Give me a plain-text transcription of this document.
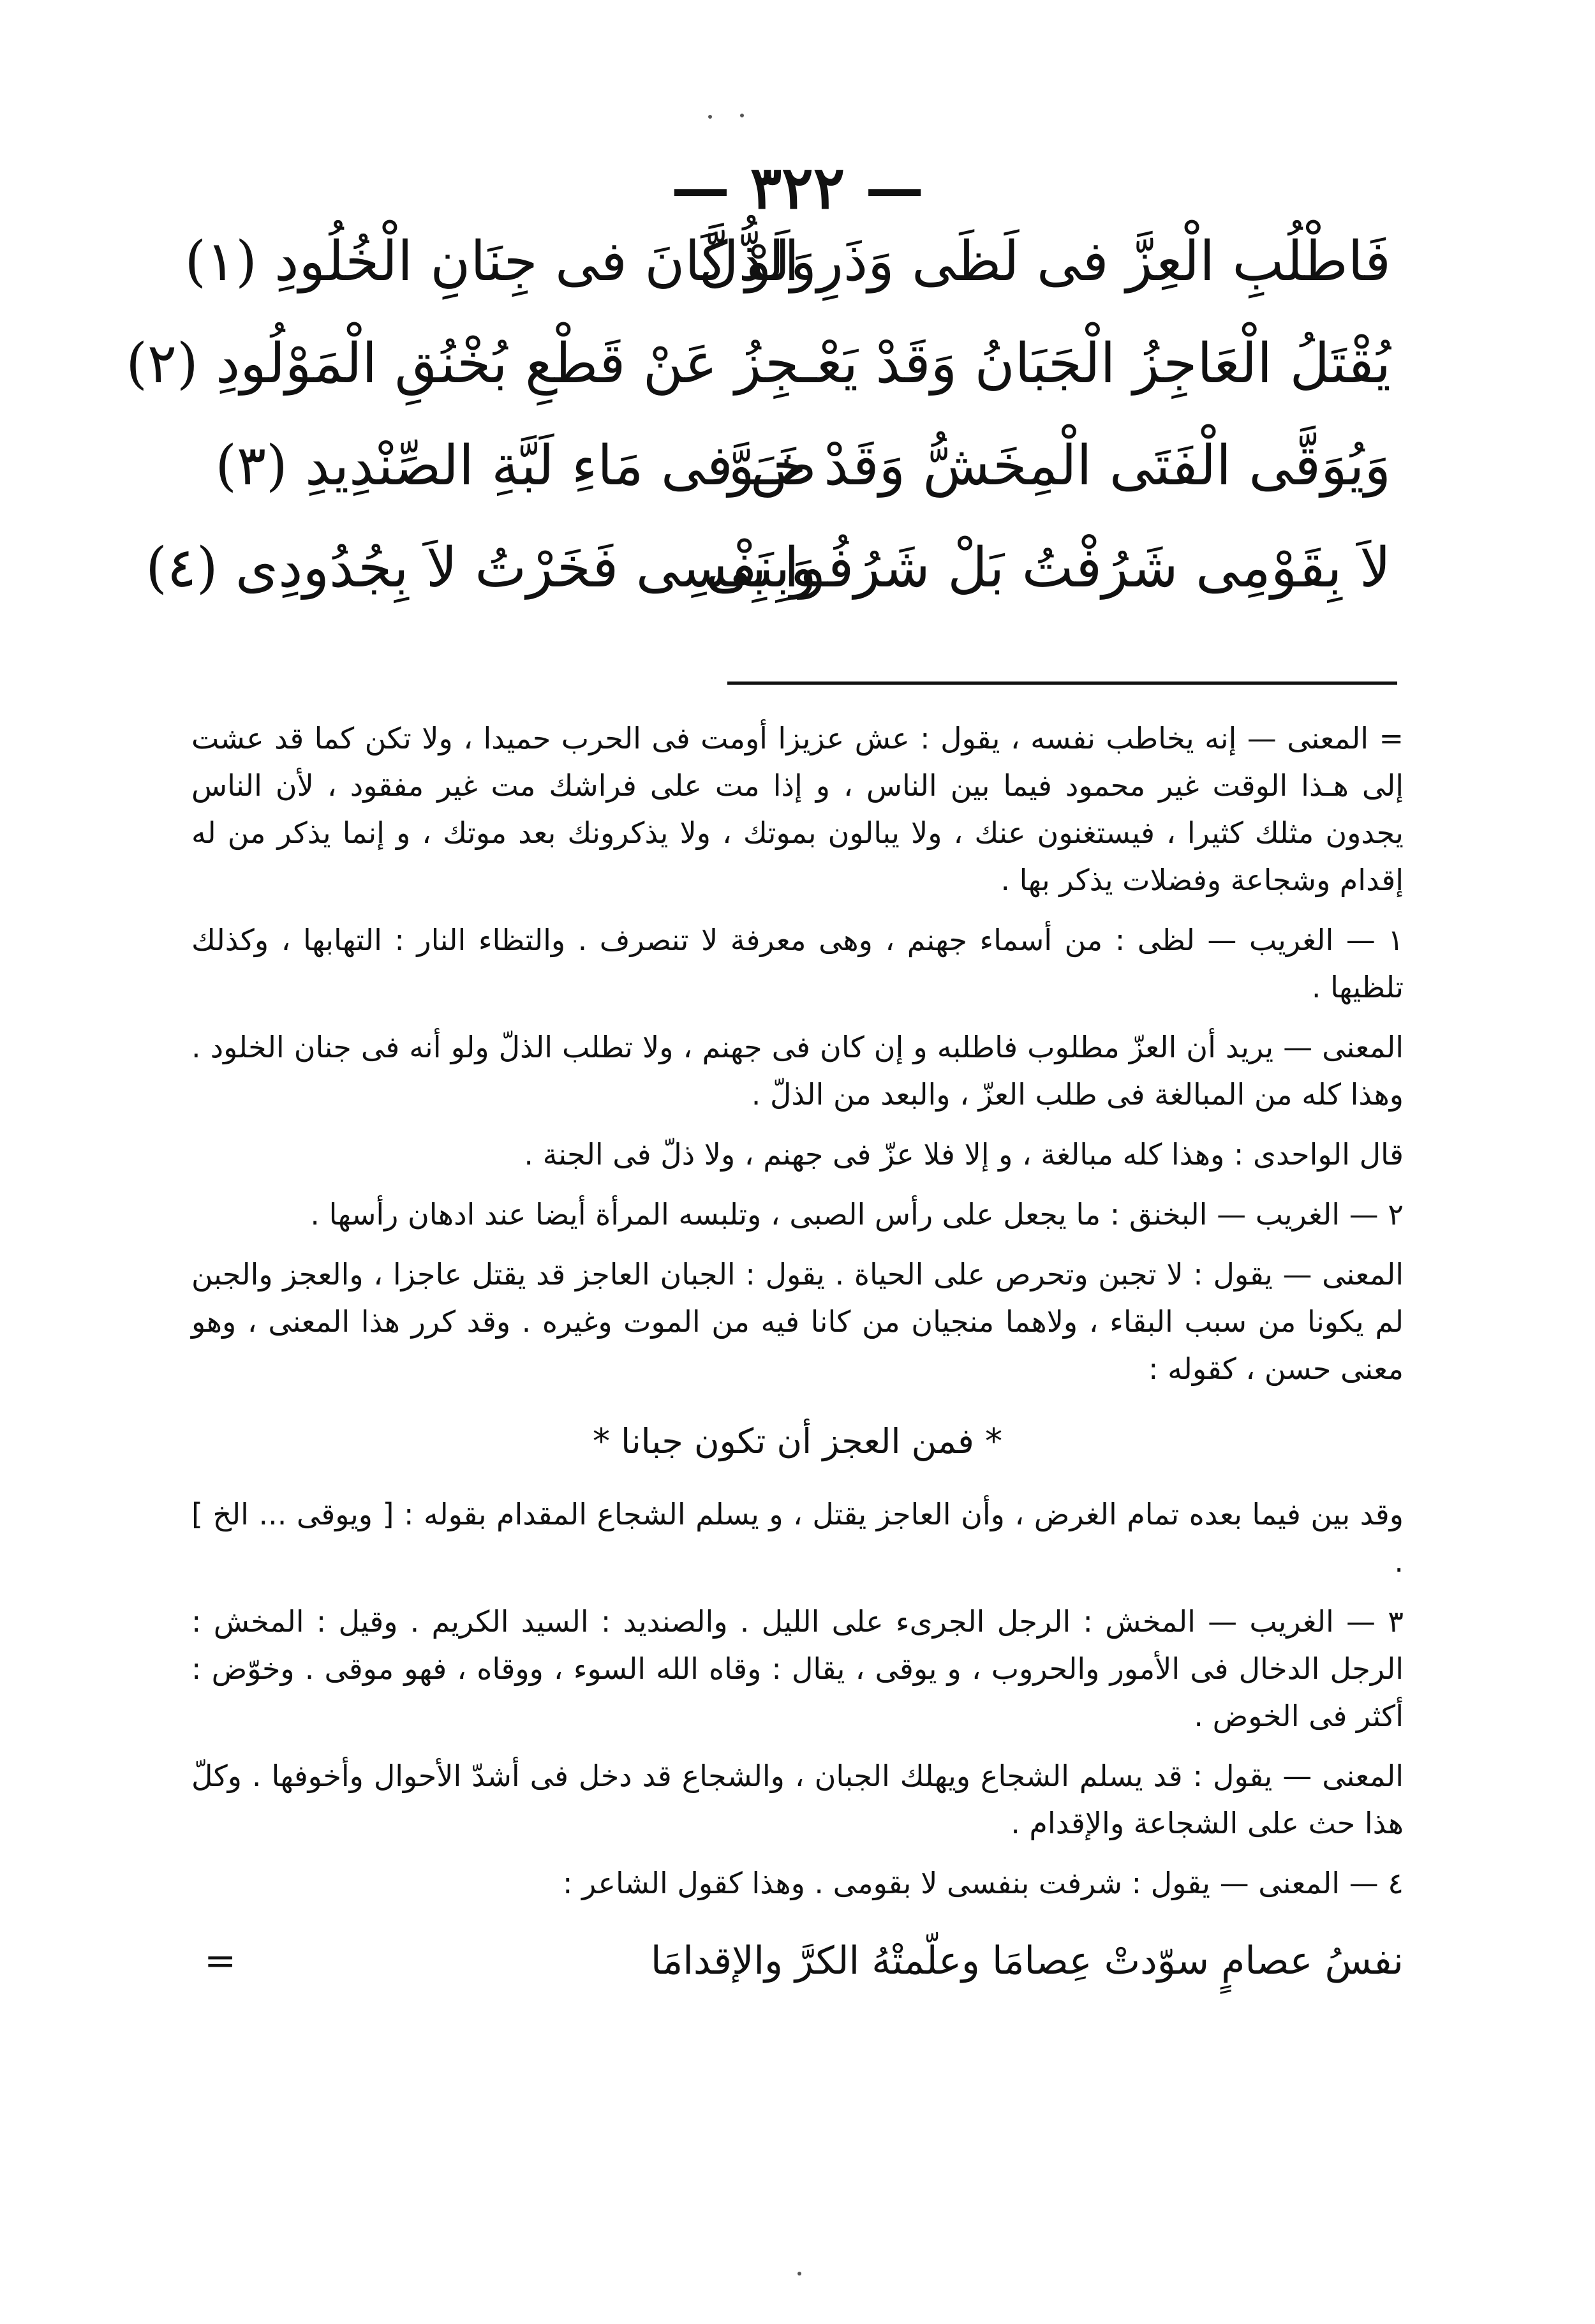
— ٣٢٢ —
فَاطْلُبِ الْعِزَّ فى لَظَى وَذَرِ الذُّلَّوَلَوْ كَانَ فى جِنَانِ الْخُلُودِ (١)
يُقْتَلُ الْعَاجِزُ الْجَبَانُ وَقَدْ يَعْــجِزُ عَنْ قَطْعِ بُخْنُقِ الْمَوْلُودِ (٢)
وَيُوَقَّى الْفَتَى الْمِخَشُّ وَقَدْ خَـوَّضَ فى مَاءِ لَبَّةِ الصِّنْدِيدِ (٣)
لاَ بِقَوْمِى شَرُفْتُ بَلْ شَرُفُوا بِىوَبِنَفْسِى فَخَرْتُ لاَ بِجُدُودِى (٤)

= المعنى — إنه يخاطب نفسه ، يقول : عش عزيزا أومت فى الحرب حميدا ، ولا تكن كما قد عشت إلى هـذا الوقت غير محمود فيما بين الناس ، و إذا مت على فراشك مت غير مفقود ، لأن الناس يجدون مثلك كثيرا ، فيستغنون عنك ، ولا يبالون بموتك ، ولا يذكرونك بعد موتك ، و إنما يذكر من له إقدام وشجاعة وفضلات يذكر بها .

١ — الغريب — لظى : من أسماء جهنم ، وهى معرفة لا تنصرف . والتظاء النار : التهابها ، وكذلك تلظيها .

المعنى — يريد أن العزّ مطلوب فاطلبه و إن كان فى جهنم ، ولا تطلب الذلّ ولو أنه فى جنان الخلود . وهذا كله من المبالغة فى طلب العزّ ، والبعد من الذلّ .

قال الواحدى : وهذا كله مبالغة ، و إلا فلا عزّ فى جهنم ، ولا ذلّ فى الجنة .

٢ — الغريب — البخنق : ما يجعل على رأس الصبى ، وتلبسه المرأة أيضا عند ادهان رأسها .

المعنى — يقول : لا تجبن وتحرص على الحياة . يقول : الجبان العاجز قد يقتل عاجزا ، والعجز والجبن لم يكونا من سبب البقاء ، ولاهما منجيان من كانا فيه من الموت وغيره . وقد كرر هذا المعنى ، وهو معنى حسن ، كقوله :

* فمن العجز أن تكون جبانا *

وقد بين فيما بعده تمام الغرض ، وأن العاجز يقتل ، و يسلم الشجاع المقدام بقوله : [ ويوقى ... الخ ] .

٣ — الغريب — المخش : الرجل الجرىء على الليل . والصنديد : السيد الكريم . وقيل : المخش : الرجل الدخال فى الأمور والحروب ، و يوقى ، يقال : وقاه الله السوء ، ووقاه ، فهو موقى . وخوّض : أكثر فى الخوض .

المعنى — يقول : قد يسلم الشجاع ويهلك الجبان ، والشجاع قد دخل فى أشدّ الأحوال وأخوفها . وكلّ هذا حث على الشجاعة والإقدام .

٤ — المعنى — يقول : شرفت بنفسى لا بقومى . وهذا كقول الشاعر :

نفسُ عصامٍ سوّدتْ عِصامَا وعلّمتْهُ الكرَّ والإقدامَا=
